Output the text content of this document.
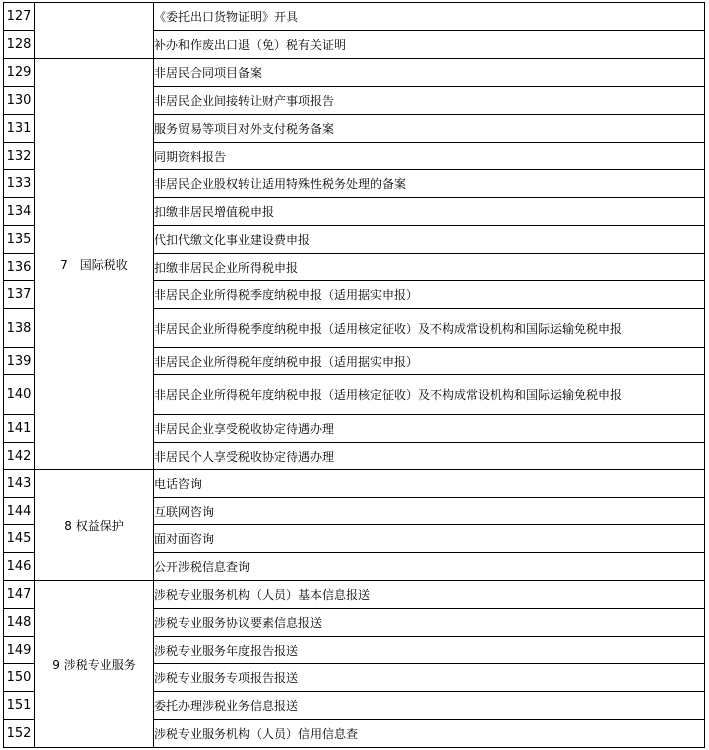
127		《委托出口货物证明》开具
128		补办和作废出口退（免）税有关证明
129	7　国际税收	非居民合同项目备案
130		非居民企业间接转让财产事项报告
131		服务贸易等项目对外支付税务备案
132		同期资料报告
133		非居民企业股权转让适用特殊性税务处理的备案
134		扣缴非居民增值税申报
135		代扣代缴文化事业建设费申报
136		扣缴非居民企业所得税申报
137		非居民企业所得税季度纳税申报（适用据实申报）
138		非居民企业所得税季度纳税申报（适用核定征收）及不构成常设机构和国际运输免税申报
139		非居民企业所得税年度纳税申报（适用据实申报）
140		非居民企业所得税年度纳税申报（适用核定征收）及不构成常设机构和国际运输免税申报
141		非居民企业享受税收协定待遇办理
142		非居民个人享受税收协定待遇办理
143	8 权益保护	电话咨询
144		互联网咨询
145		面对面咨询
146		公开涉税信息查询
147	9 涉税专业服务	涉税专业服务机构（人员）基本信息报送
148		涉税专业服务协议要素信息报送
149		涉税专业服务年度报告报送
150		涉税专业服务专项报告报送
151		委托办理涉税业务信息报送
152		涉税专业服务机构（人员）信用信息查
